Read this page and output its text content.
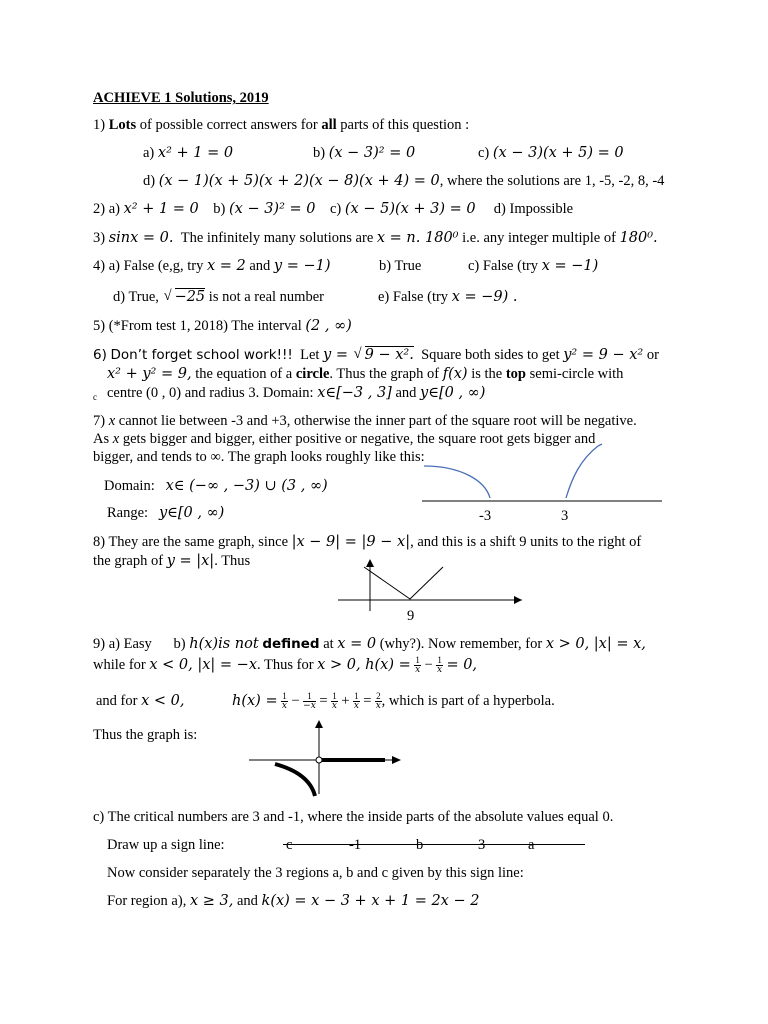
ACHIEVE 1 Solutions, 2019
1) Lots of possible correct answers for all parts of this question :
a) x² + 1 = 0	b) (x − 3)² = 0	c) (x − 3)(x + 5) = 0
d) (x − 1)(x + 5)(x + 2)(x − 8)(x + 4) = 0, where the solutions are 1, -5, -2, 8, -4
2) a) x² + 1 = 0 b) (x − 3)² = 0 c) (x − 5)(x + 3) = 0 d) Impossible
3) sinx = 0. The infinitely many solutions are x = n. 180⁰ i.e. any integer multiple of 180⁰.
4) a) False (e,g, try x = 2 and y = −1)	b) True	c) False (try x = −1)
d) True, √ −25 is not a real number	e) False (try x = −9) .
5) (*From test 1, 2018) The interval (2 , ∞)
6) Don’t forget school work!!! Let y = √ 9 − x². Square both sides to get y² = 9 − x² or
x² + y² = 9, the equation of a circle. Thus the graph of f(x) is the top semi-circle with
c centre (0 , 0) and radius 3. Domain: x∈[−3 , 3] and y∈[0 , ∞)
7) x cannot lie between -3 and +3, otherwise the inner part of the square root will be negative.
As x gets bigger and bigger, either positive or negative, the square root gets bigger and
bigger, and tends to ∞. The graph looks roughly like this:
Domain: x∈ (−∞ , −3) ∪ (3 , ∞)
Range: y∈[0 , ∞)	-3	3
8) They are the same graph, since |x − 9| = |9 − x|, and this is a shift 9 units to the right of
the graph of y = |x|. Thus
9
9) a) Easy b) h(x)is not defined at x = 0 (why?). Now remember, for x > 0, |x| = x,
while for x < 0, |x| = −x. Thus for x > 0, $h(x) = \frac{1}{x} - \frac{1}{x} = 0$,
and for x < 0,	$h(x) = \frac{1}{x} - \frac{1}{-x} = \frac{1}{x} + \frac{1}{x} = \frac{2}{x}$ , which is part of a hyperbola.
Thus the graph is:
c) The critical numbers are 3 and -1, where the inside parts of the absolute values equal 0.
Draw up a sign line:	c	-1	b	3	a
Now consider separately the 3 regions a, b and c given by this sign line:
For region a), x ≥ 3, and k(x) = x − 3 + x + 1 = 2x − 2
